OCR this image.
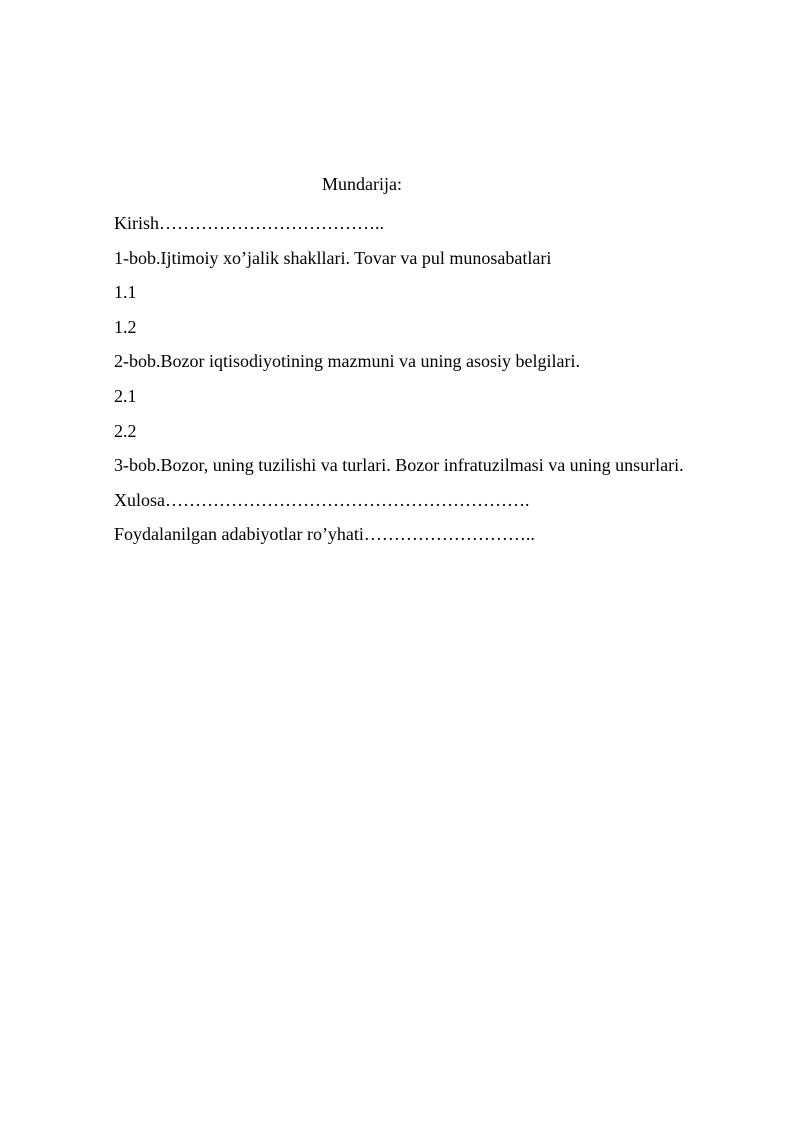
Mundarija:
Kirish………………………………..
1-bob.Ijtimoiy xo’jalik shakllari. Tovar va pul munosabatlari
1.1
1.2
2-bob.Bozor iqtisodiyotining mazmuni va uning asosiy belgilari.
2.1
2.2
3-bob.Bozor, uning tuzilishi va turlari. Bozor infratuzilmasi va uning unsurlari.
Xulosa…………………………………………………….
Foydalanilgan adabiyotlar ro’yhati………………………..
